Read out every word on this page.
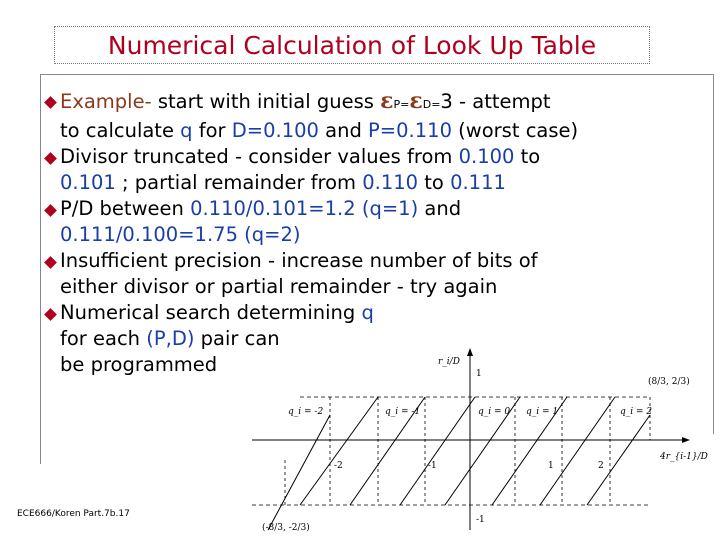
Numerical Calculation of Look Up Table
Example- start with initial guess εP=εD=3 - attempt
to calculate q for D=0.100 and P=0.110 (worst case)
Divisor truncated - consider values from 0.100 to
0.101 ; partial remainder from 0.110 to 0.111
P/D between 0.110/0.101=1.2 (q=1) and
0.111/0.100=1.75 (q=2)
Insufficient precision - increase number of bits of
either divisor or partial remainder - try again
Numerical search determining q
for each (P,D) pair can
be programmed
q_i = -2	q_i = -1	q_i = 0 q_i = 1	q_i = 2
r_i/D
4r_{i-1}/D
1
-1
-2	-1	1	2
(8/3, 2/3)
(-8/3, -2/3)
ECE666/Koren Part.7b.17
